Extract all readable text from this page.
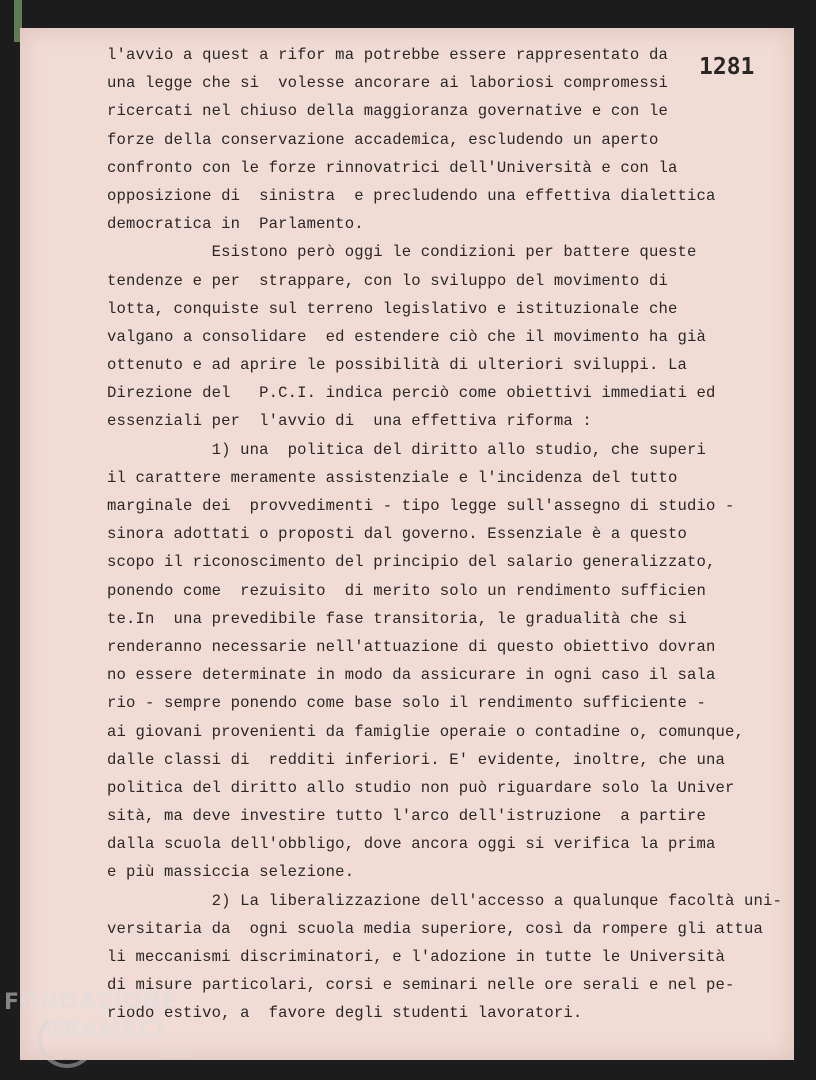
1281
l'avvio a quest a rifor ma potrebbe essere rappresentato da
una legge che si  volesse ancorare ai laboriosi compromessi
ricercati nel chiuso della maggioranza governative e con le
forze della conservazione accademica, escludendo un aperto
confronto con le forze rinnovatrici dell'Università e con la
opposizione di  sinistra  e precludendo una effettiva dialettica
democratica in  Parlamento.
Esistono però oggi le condizioni per battere queste
tendenze e per  strappare, con lo sviluppo del movimento di
lotta, conquiste sul terreno legislativo e istituzionale che
valgano a consolidare  ed estendere ciò che il movimento ha già
ottenuto e ad aprire le possibilità di ulteriori sviluppi. La
Direzione del   P.C.I. indica perciò come obiettivi immediati ed
essenziali per  l'avvio di  una effettiva riforma :
1) una  politica del diritto allo studio, che superi
il carattere meramente assistenziale e l'incidenza del tutto
marginale dei  provvedimenti - tipo legge sull'assegno di studio -
sinora adottati o proposti dal governo. Essenziale è a questo
scopo il riconoscimento del principio del salario generalizzato,
ponendo come  rezuisito  di merito solo un rendimento sufficien
te.In  una prevedibile fase transitoria, le gradualità che si
renderanno necessarie nell'attuazione di questo obiettivo dovran
no essere determinate in modo da assicurare in ogni caso il sala
rio - sempre ponendo come base solo il rendimento sufficiente -
ai giovani provenienti da famiglie operaie o contadine o, comunque,
dalle classi di  redditi inferiori. E' evidente, inoltre, che una
politica del diritto allo studio non può riguardare solo la Univer
sità, ma deve investire tutto l'arco dell'istruzione  a partire
dalla scuola dell'obbligo, dove ancora oggi si verifica la prima
e più massiccia selezione.
2) La liberalizzazione dell'accesso a qualunque facoltà uni-
versitaria da  ogni scuola media superiore, così da rompere gli attua
li meccanismi discriminatori, e l'adozione in tutte le Università
di misure particolari, corsi e seminari nelle ore serali e nel pe-
riodo estivo, a  favore degli studenti lavoratori.
FONDAZIONE
GRAMSCI
onlus
